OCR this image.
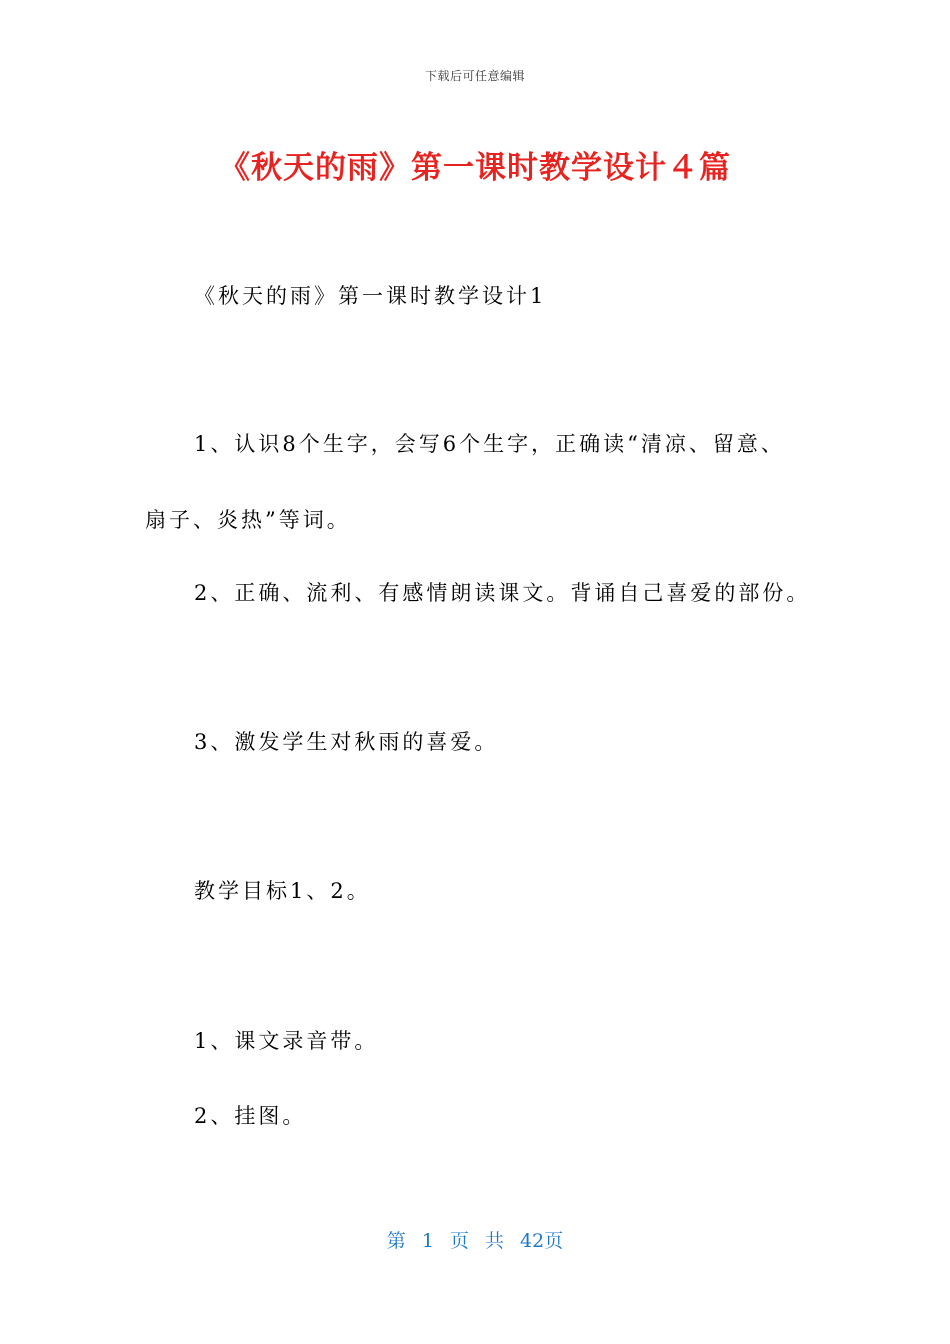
下载后可任意编辑
《秋天的雨》第一课时教学设计４篇
《秋天的雨》第一课时教学设计1
1、认识8个生字，会写6个生字，正确读“清凉、留意、
扇子、炎热”等词。
2、正确、流利、有感情朗读课文。背诵自己喜爱的部份。
3、激发学生对秋雨的喜爱。
教学目标1、2。
1、课文录音带。
2、挂图。
第 1 页 共 42页
